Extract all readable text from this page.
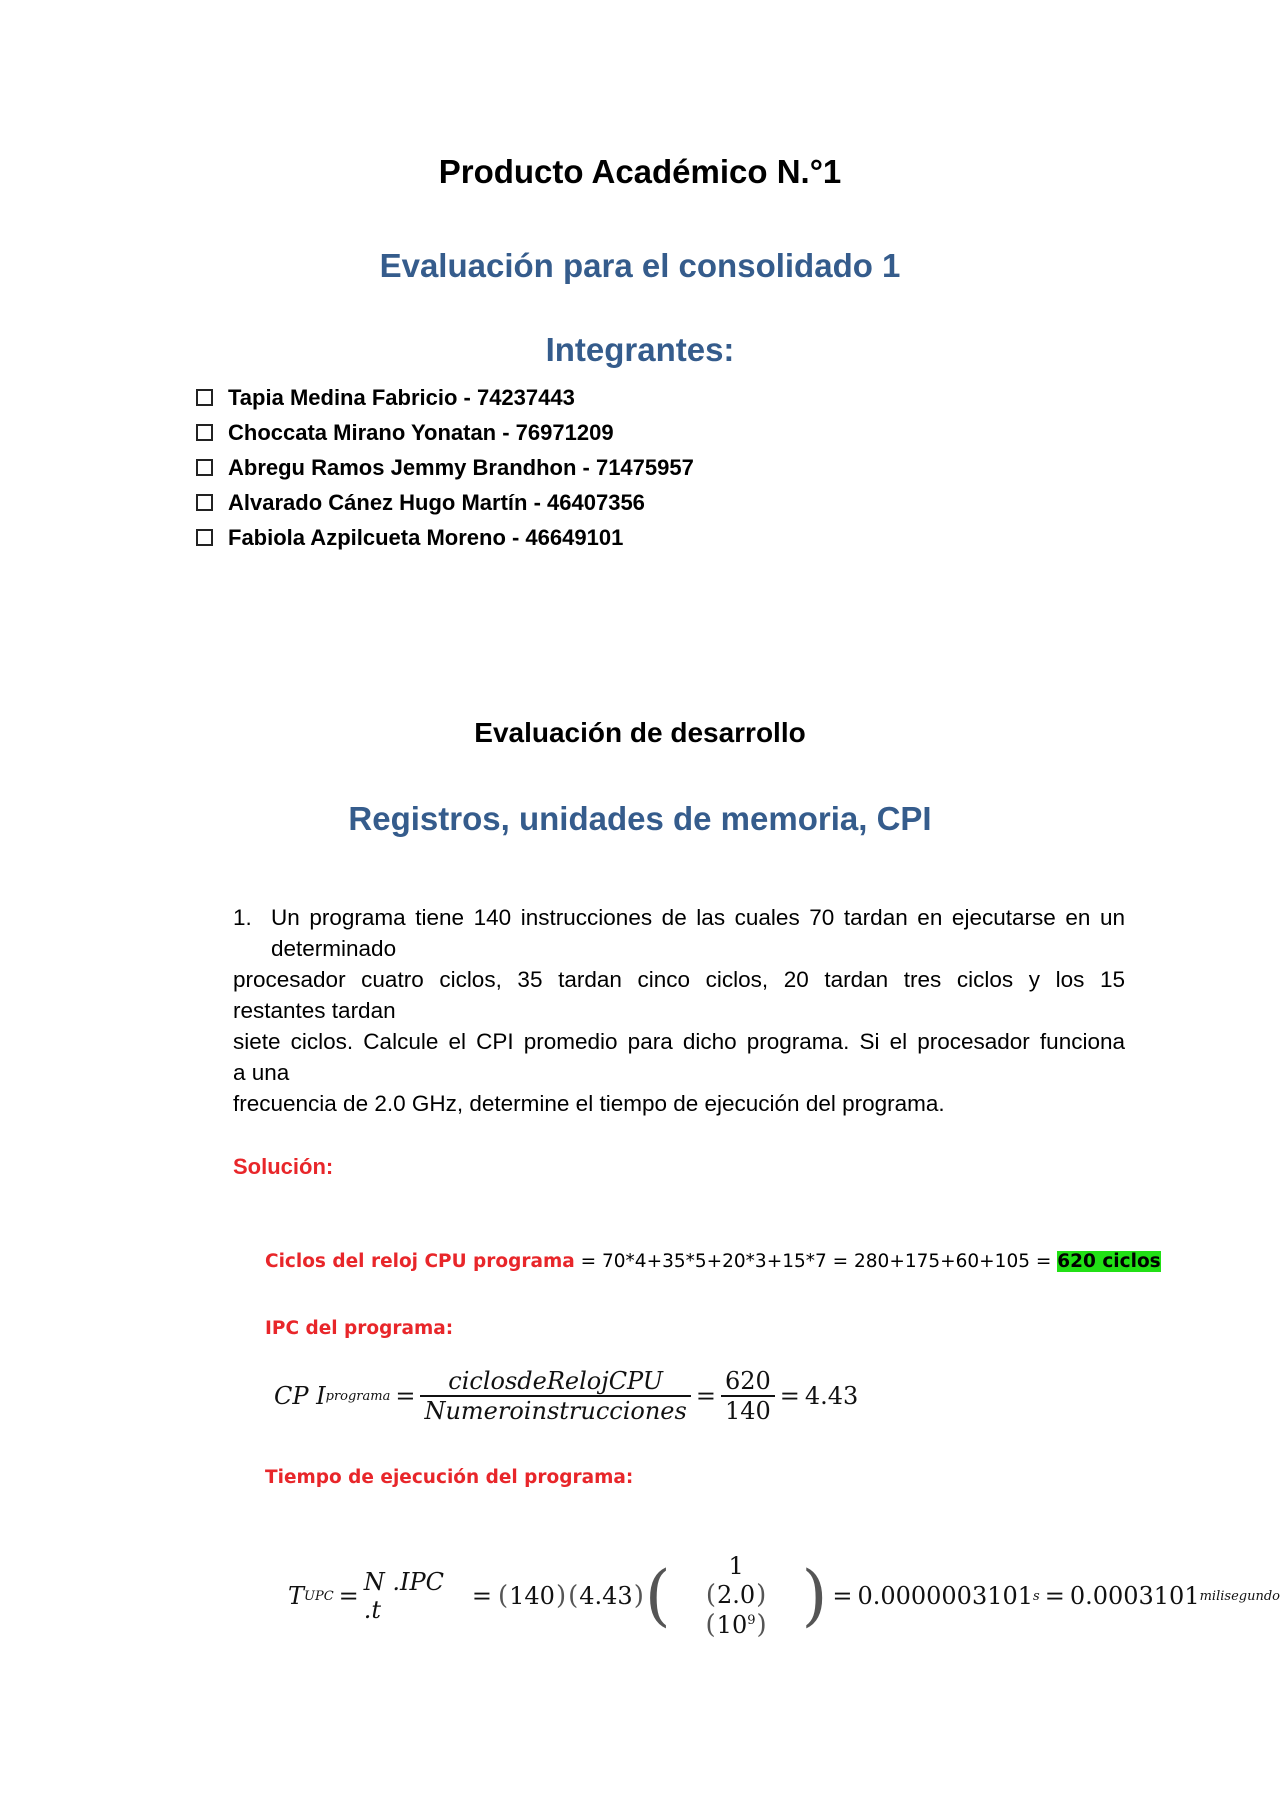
Producto Académico N.°1
Evaluación para el consolidado 1
Integrantes:
Tapia Medina Fabricio - 74237443
Choccata Mirano Yonatan - 76971209
Abregu Ramos Jemmy Brandhon - 71475957
Alvarado Cánez Hugo Martín - 46407356
Fabiola Azpilcueta Moreno - 46649101
Evaluación de desarrollo
Registros, unidades de memoria, CPI
1. Un programa tiene 140 instrucciones de las cuales 70 tardan en ejecutarse en un
determinado
procesador cuatro ciclos, 35 tardan cinco ciclos, 20 tardan tres ciclos y los 15
restantes tardan
siete ciclos. Calcule el CPI promedio para dicho programa. Si el procesador funciona
a una
frecuencia de 2.0 GHz, determine el tiempo de ejecución del programa.
Solución:
Ciclos del reloj CPU programa = 70*4+35*5+20*3+15*7 = 280+175+60+105 = 620 ciclos
IPC del programa:
CP I programa = $\frac{\text{ciclosdeRelojCPU}}{\text{Numeroinstrucciones}} = \frac{620}{140} = 4.43$
Tiempo de ejecución del programa:
T UPC = N .IPC .t	= ( 140 ) ( 4.43 ) (	1
$(2.0)(10^9)$ ) = 0.0000003101 s = 0.0003101 milisegundo
